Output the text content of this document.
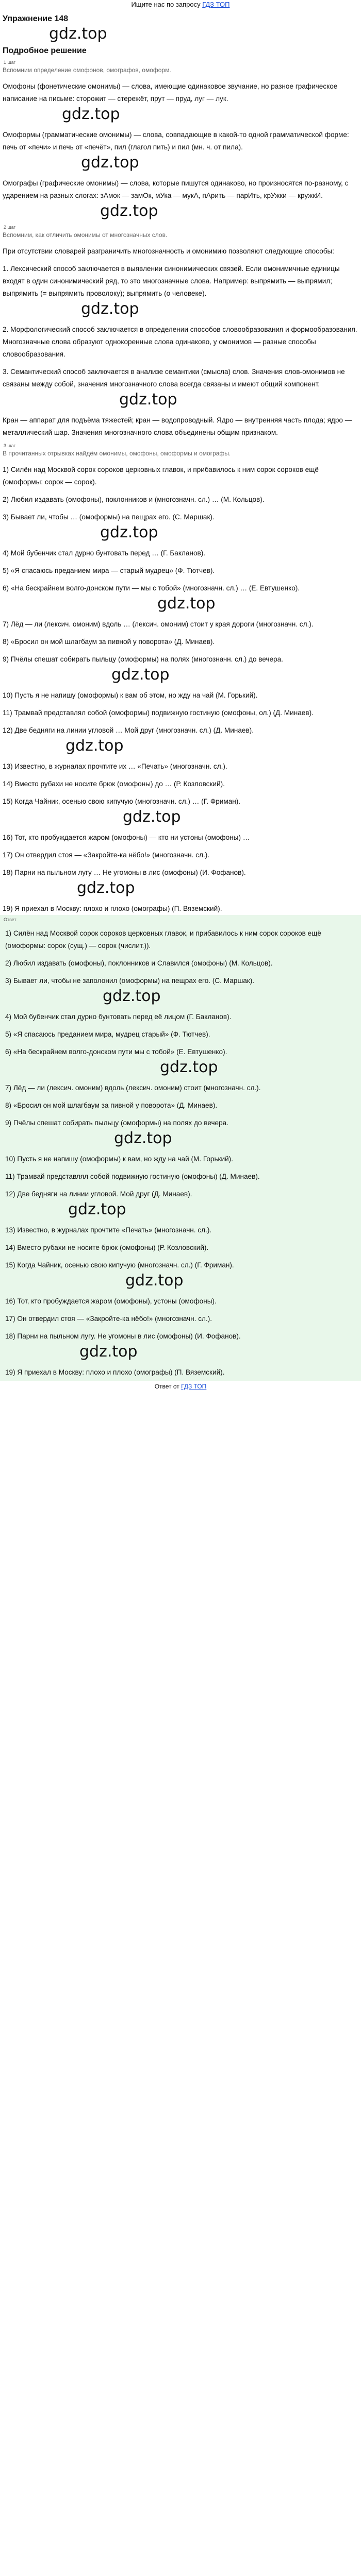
Ищите нас по запросу ГДЗ ТОП
Упражнение 148
gdz.top
Подробное решение
1 шаг
Вспомним определение омофонов, омографов, омоформ.
Омофоны (фонетические омонимы) — слова, имеющие одинаковое звучание, но разное графическое написание на письме: сторожит — стережёт, прут — пруд, луг — лук.
gdz.top
Омоформы (грамматические омонимы) — слова, совпадающие в какой-то одной грамматической форме: печь от «печи» и печь от «печёт», пил (глагол пить) и пил (мн. ч. от пила).
gdz.top
Омографы (графические омонимы) — слова, которые пишутся одинаково, но произносятся по-разному, с ударением на разных слогах: зАмок — замОк, мУка — мукА, пАрить — парИть, крУжки — кружкИ.
gdz.top
2 шаг
Вспомним, как отличить омонимы от многозначных слов.
При отсутствии словарей разграничить многозначность и омонимию позволяют следующие способы:
1. Лексический способ заключается в выявлении синонимических связей. Если омонимичные единицы входят в один синонимический ряд, то это многозначные слова. Например: выпрямить — выпрямил; выпрямить (= выпрямить проволоку); выпрямить (о человеке).
gdz.top
2. Морфологический способ заключается в определении способов словообразования и формообразования. Многозначные слова образуют однокоренные слова одинаково, у омонимов — разные способы словообразования.
3. Семантический способ заключается в анализе семантики (смысла) слов. Значения слов-омонимов не связаны между собой, значения многозначного слова всегда связаны и имеют общий компонент.
gdz.top
Кран — аппарат для подъёма тяжестей; кран — водопроводный. Ядро — внутренняя часть плода; ядро — металлический шар. Значения многозначного слова объединены общим признаком.
3 шаг
В прочитанных отрывках найдём омонимы, омофоны, омоформы и омографы.
1) Силён над Москвой сорок сороков церковных главок, и прибавилось к ним сорок сороков ещё (омоформы: сорок — сорок).
2) Любил издавать (омофоны), поклонников и (многозначн. сл.) … (М. Кольцов).
3) Бывает ли, чтобы … (омоформы) на пещрах его. (С. Маршак).
gdz.top
4) Мой бубенчик стал дурно бунтовать перед … (Г. Бакланов).
5) «Я спасаюсь преданием мира — старый мудрец» (Ф. Тютчев).
6) «На бескрайнем волго-донском пути — мы с тобой» (многозначн. сл.) … (Е. Евтушенко).
gdz.top
7) Лёд — ли (лексич. омоним) вдоль … (лексич. омоним) стоит у края дороги (многозначн. сл.).
8) «Бросил он мой шлагбаум за пивной у поворота» (Д. Минаев).
9) Пчёлы спешат собирать пыльцу (омоформы) на полях (многозначн. сл.) до вечера.
gdz.top
10) Пусть я не напишу (омоформы) к вам об этом, но жду на чай (М. Горький).
11) Трамвай представлял собой (омоформы) подвижную гостиную (омофоны, ол.) (Д. Минаев).
12) Две бедняги на линии угловой … Мой друг (многозначн. сл.) (Д. Минаев).
gdz.top
13) Известно, в журналах прочтите их … «Печать» (многозначн. сл.).
14) Вместо рубахи не носите брюк (омофоны) до … (Р. Козловский).
15) Когда Чайник, осенью свою кипучую (многозначн. сл.) … (Г. Фриман).
gdz.top
16) Тот, кто пробуждается жаром (омофоны) — кто ни устоны (омофоны) …
17) Он отвердил стоя — «Закройте-ка нёбо!» (многозначн. сл.).
18) Парни на пыльном лугу … Не угомоны в лис (омофоны) (И. Фофанов).
gdz.top
19) Я приехал в Москву: плохо и плохо (омографы) (П. Вяземский).
Ответ
1) Силён над Москвой сорок сороков церковных главок, и прибавилось к ним сорок сороков ещё (омоформы: сорок (сущ.) — сорок (числит.)).
2) Любил издавать (омофоны), поклонников и Славился (омофоны) (М. Кольцов).
3) Бывает ли, чтобы не заполонил (омоформы) на пещрах его. (С. Маршак).
gdz.top
4) Мой бубенчик стал дурно бунтовать перед её лицом (Г. Бакланов).
5) «Я спасаюсь преданием мира, мудрец старый» (Ф. Тютчев).
6) «На бескрайнем волго-донском пути мы с тобой» (Е. Евтушенко).
gdz.top
7) Лёд — ли (лексич. омоним) вдоль (лексич. омоним) стоит (многозначн. сл.).
8) «Бросил он мой шлагбаум за пивной у поворота» (Д. Минаев).
9) Пчёлы спешат собирать пыльцу (омоформы) на полях до вечера.
gdz.top
10) Пусть я не напишу (омоформы) к вам, но жду на чай (М. Горький).
11) Трамвай представлял собой подвижную гостиную (омофоны) (Д. Минаев).
12) Две бедняги на линии угловой. Мой друг (Д. Минаев).
gdz.top
13) Известно, в журналах прочтите «Печать» (многозначн. сл.).
14) Вместо рубахи не носите брюк (омофоны) (Р. Козловский).
15) Когда Чайник, осенью свою кипучую (многозначн. сл.) (Г. Фриман).
gdz.top
16) Тот, кто пробуждается жаром (омофоны), устоны (омофоны).
17) Он отвердил стоя — «Закройте-ка нёбо!» (многозначн. сл.).
18) Парни на пыльном лугу. Не угомоны в лис (омофоны) (И. Фофанов).
gdz.top
19) Я приехал в Москву: плохо и плохо (омографы) (П. Вяземский).
Ответ от ГДЗ ТОП
